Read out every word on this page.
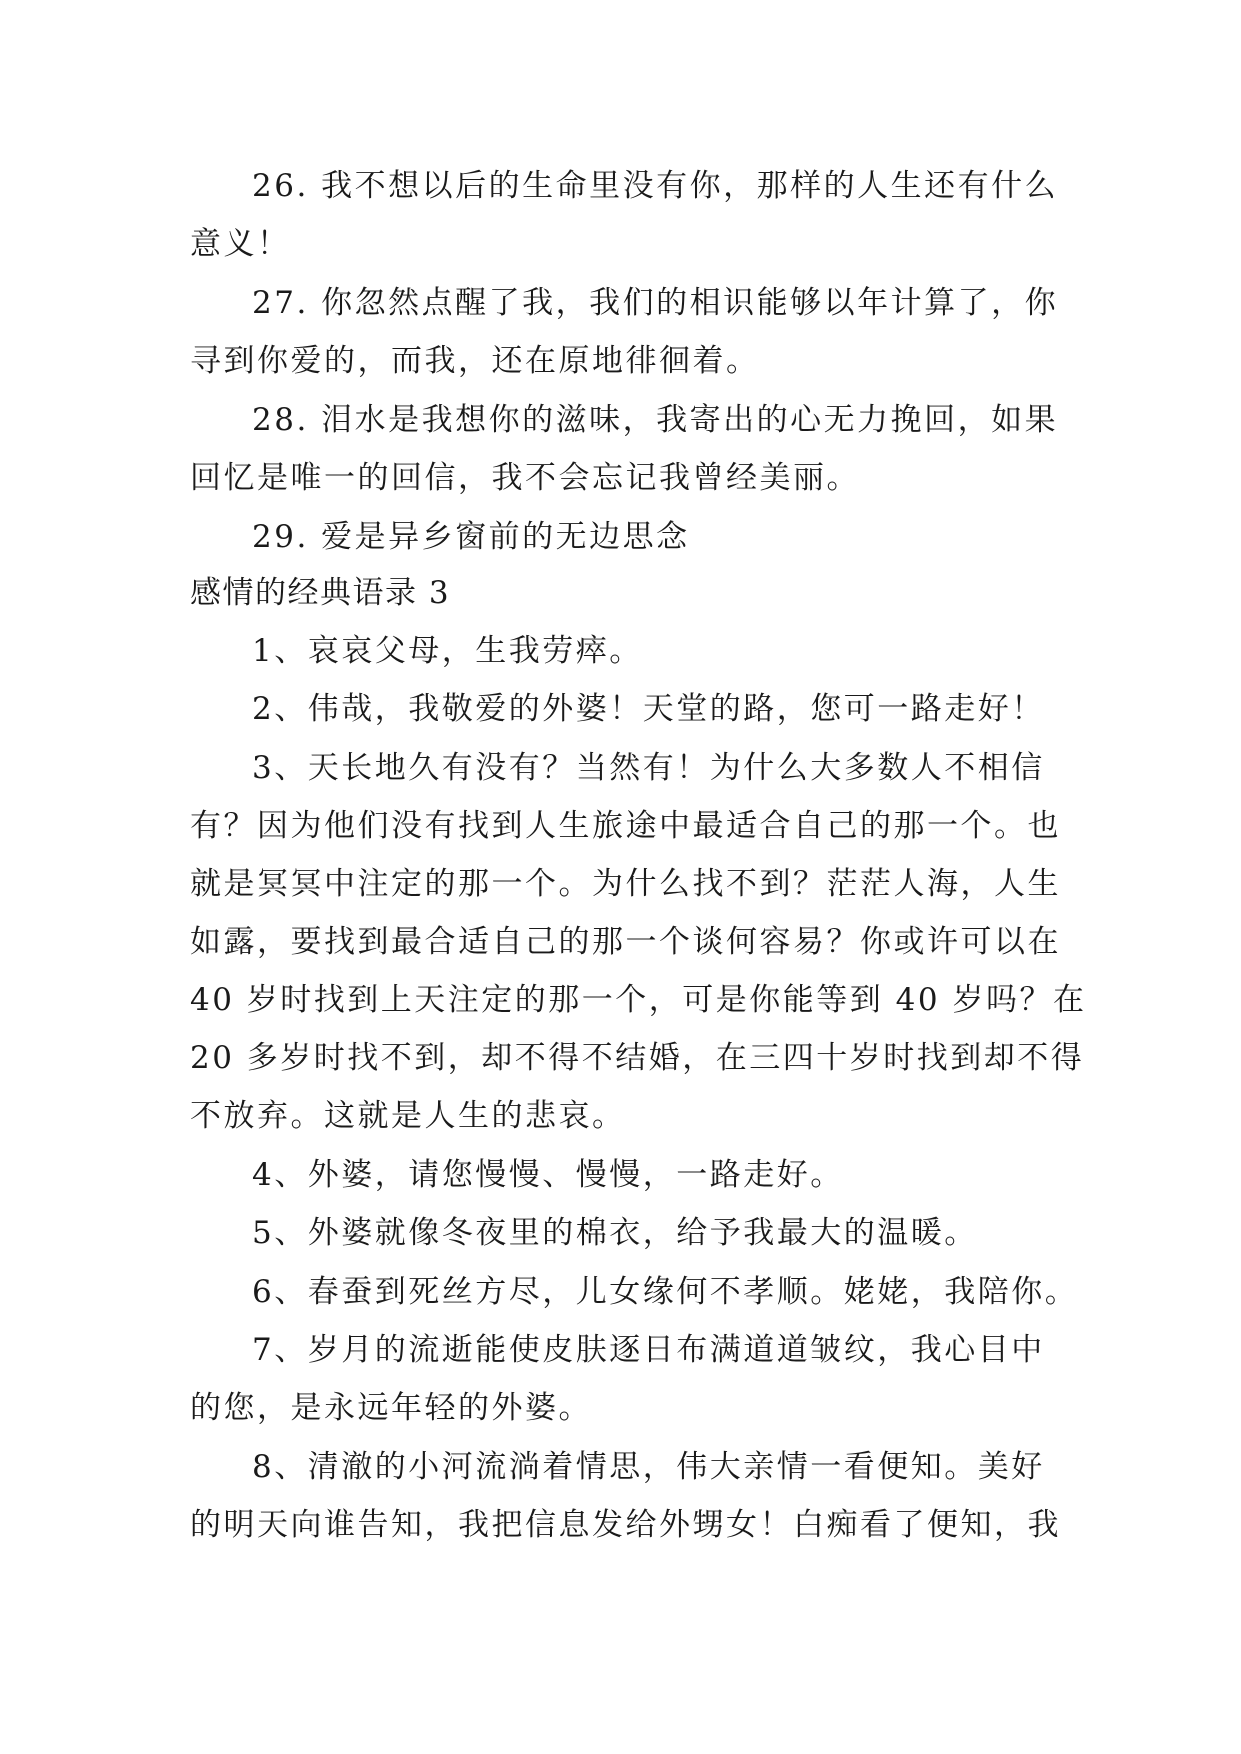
26. 我不想以后的生命里没有你，那样的人生还有什么
意义！
27. 你忽然点醒了我，我们的相识能够以年计算了，你
寻到你爱的，而我，还在原地徘徊着。
28. 泪水是我想你的滋味，我寄出的心无力挽回，如果
回忆是唯一的回信，我不会忘记我曾经美丽。
29. 爱是异乡窗前的无边思念
感情的经典语录 3
1、哀哀父母，生我劳瘁。
2、伟哉，我敬爱的外婆！天堂的路，您可一路走好！
3、天长地久有没有？当然有！为什么大多数人不相信
有？因为他们没有找到人生旅途中最适合自己的那一个。也
就是冥冥中注定的那一个。为什么找不到？茫茫人海，人生
如露，要找到最合适自己的那一个谈何容易？你或许可以在
40 岁时找到上天注定的那一个，可是你能等到 40 岁吗？在
20 多岁时找不到，却不得不结婚，在三四十岁时找到却不得
不放弃。这就是人生的悲哀。
4、外婆，请您慢慢、慢慢，一路走好。
5、外婆就像冬夜里的棉衣，给予我最大的温暖。
6、春蚕到死丝方尽，儿女缘何不孝顺。姥姥，我陪你。
7、岁月的流逝能使皮肤逐日布满道道皱纹，我心目中
的您，是永远年轻的外婆。
8、清澈的小河流淌着情思，伟大亲情一看便知。美好
的明天向谁告知，我把信息发给外甥女！白痴看了便知，我
